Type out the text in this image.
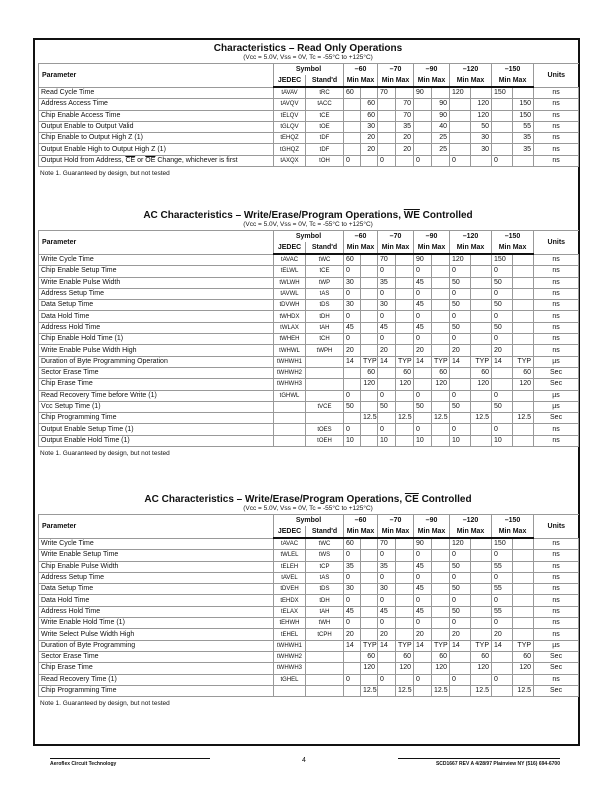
Characteristics – Read Only Operations
(Vcc = 5.0V, Vss = 0V, Tc = -55°C to +125°C)
Parameter	Symbol		–60		–70		–90		–120		–150		Units
	JEDEC	Stand'd	Min Max		Min Max		Min Max		Min Max		Min Max		
Read Cycle Time	tAVAV	tRC	60		70		90		120		150		ns
Address Access Time	tAVQV	tACC		60		70		90		120		150	ns
Chip Enable Access Time	tELQV	tCE		60		70		90		120		150	ns
Output Enable to Output Valid	tGLQV	tOE		30		35		40		50		55	ns
Chip Enable to Output High Z (1)	tEHQZ	tDF		20		20		25		30		35	ns
Output Enable High to Output High Z (1)	tGHQZ	tDF		20		20		25		30		35	ns
Output Hold from Address, $\overline{CE}$ or $\overline{OE}$ Change, whichever is first	tAXQX	tOH	0		0		0		0		0		ns
Note 1. Guaranteed by design, but not tested
AC Characteristics – Write/Erase/Program Operations, $\overline{WE}$ Controlled
(Vcc = 5.0V, Vss = 0V, Tc = -55°C to +125°C)
Parameter	Symbol		–60		–70		–90		–120		–150		Units
	JEDEC	Stand'd	Min Max		Min Max		Min Max		Min Max		Min Max		
Write Cycle Time	tAVAC	tWC	60		70		90		120		150		ns
Chip Enable Setup Time	tELWL	tCE	0		0		0		0		0		ns
Write Enable Pulse Width	tWLWH	tWP	30		35		45		50		50		ns
Address Setup Time	tAVWL	tAS	0		0		0		0		0		ns
Data Setup Time	tDVWH	tDS	30		30		45		50		50		ns
Data Hold Time	tWHDX	tDH	0		0		0		0		0		ns
Address Hold Time	tWLAX	tAH	45		45		45		50		50		ns
Chip Enable Hold Time (1)	tWHEH	tCH	0		0		0		0		0		ns
Write Enable Pulse Width High	tWHWL	tWPH	20		20		20		20		20		ns
Duration of Byte Programming Operation	tWHWH1		14	TYP	14	TYP	14	TYP	14	TYP	14	TYP	µs
Sector Erase Time	tWHWH2			60		60		60		60		60	Sec
Chip Erase Time	tWHWH3			120		120		120		120		120	Sec
Read Recovery Time before Write (1)	tGHWL		0		0		0		0		0		µs
Vcc Setup Time (1)		tVCE	50		50		50		50		50		µs
Chip Programming Time				12.5		12.5		12.5		12.5		12.5	Sec
Output Enable Setup Time (1)		tOES	0		0		0		0		0		ns
Output Enable Hold Time (1)		tOEH	10		10		10		10		10		ns
Note 1. Guaranteed by design, but not tested
AC Characteristics – Write/Erase/Program Operations, $\overline{CE}$ Controlled
(Vcc = 5.0V, Vss = 0V, Tc = -55°C to +125°C)
Parameter	Symbol		–60		–70		–90		–120		–150		Units
	JEDEC	Stand'd	Min Max		Min Max		Min Max		Min Max		Min Max		
Write Cycle Time	tAVAC	tWC	60		70		90		120		150		ns
Write Enable Setup Time	tWLEL	tWS	0		0		0		0		0		ns
Chip Enable Pulse Width	tELEH	tCP	35		35		45		50		55		ns
Address Setup Time	tAVEL	tAS	0		0		0		0		0		ns
Data Setup Time	tDVEH	tDS	30		30		45		50		55		ns
Data Hold Time	tEHDX	tDH	0		0		0		0		0		ns
Address Hold Time	tELAX	tAH	45		45		45		50		55		ns
Write Enable Hold Time (1)	tEHWH	tWH	0		0		0		0		0		ns
Write Select Pulse Width High	tEHEL	tCPH	20		20		20		20		20		ns
Duration of Byte Programming	tWHWH1		14	TYP	14	TYP	14	TYP	14	TYP	14	TYP	µs
Sector Erase Time	tWHWH2			60		60		60		60		60	Sec
Chip Erase Time	tWHWH3			120		120		120		120		120	Sec
Read Recovery Time (1)	tGHEL		0		0		0		0		0		ns
Chip Programming Time				12.5		12.5		12.5		12.5		12.5	Sec
Note 1. Guaranteed by design, but not tested
Aeroflex Circuit Technology	4	SCD1667 REV A 4/28/97 Plainview NY (516) 694-6700
